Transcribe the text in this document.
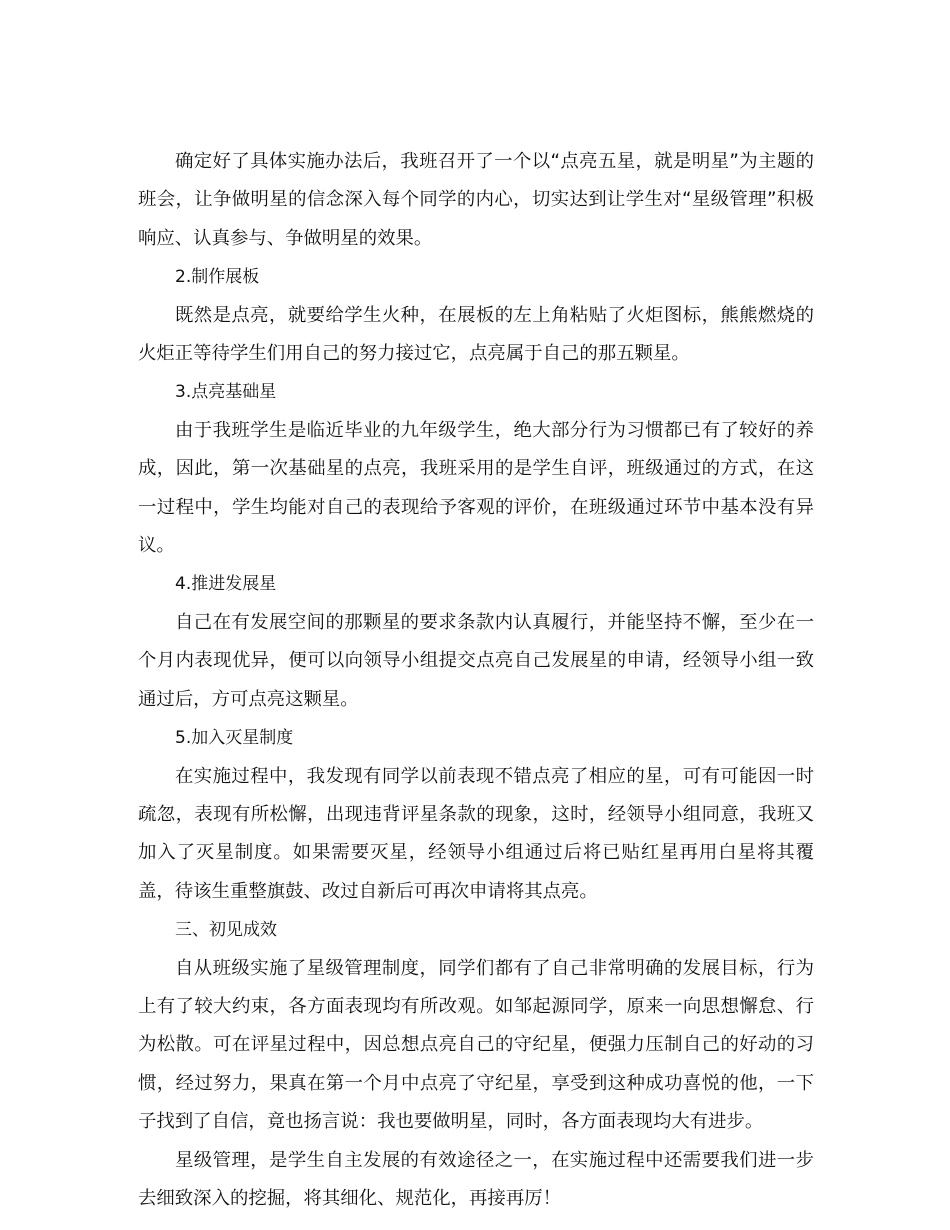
确定好了具体实施办法后，我班召开了一个以“点亮五星，就是明星”为主题的班会，让争做明星的信念深入每个同学的内心，切实达到让学生对“星级管理”积极响应、认真参与、争做明星的效果。

2.制作展板

既然是点亮，就要给学生火种，在展板的左上角粘贴了火炬图标，熊熊燃烧的火炬正等待学生们用自己的努力接过它，点亮属于自己的那五颗星。

3.点亮基础星

由于我班学生是临近毕业的九年级学生，绝大部分行为习惯都已有了较好的养成，因此，第一次基础星的点亮，我班采用的是学生自评，班级通过的方式，在这一过程中，学生均能对自己的表现给予客观的评价，在班级通过环节中基本没有异议。

4.推进发展星

自己在有发展空间的那颗星的要求条款内认真履行，并能坚持不懈，至少在一个月内表现优异，便可以向领导小组提交点亮自己发展星的申请，经领导小组一致通过后，方可点亮这颗星。

5.加入灭星制度

在实施过程中，我发现有同学以前表现不错点亮了相应的星，可有可能因一时疏忽，表现有所松懈，出现违背评星条款的现象，这时，经领导小组同意，我班又加入了灭星制度。如果需要灭星，经领导小组通过后将已贴红星再用白星将其覆盖，待该生重整旗鼓、改过自新后可再次申请将其点亮。

三、初见成效

自从班级实施了星级管理制度，同学们都有了自己非常明确的发展目标，行为上有了较大约束，各方面表现均有所改观。如邹起源同学，原来一向思想懈怠、行为松散。可在评星过程中，因总想点亮自己的守纪星，便强力压制自己的好动的习惯，经过努力，果真在第一个月中点亮了守纪星，享受到这种成功喜悦的他，一下子找到了自信，竟也扬言说：我也要做明星，同时，各方面表现均大有进步。

星级管理，是学生自主发展的有效途径之一，在实施过程中还需要我们进一步去细致深入的挖掘，将其细化、规范化，再接再厉！
